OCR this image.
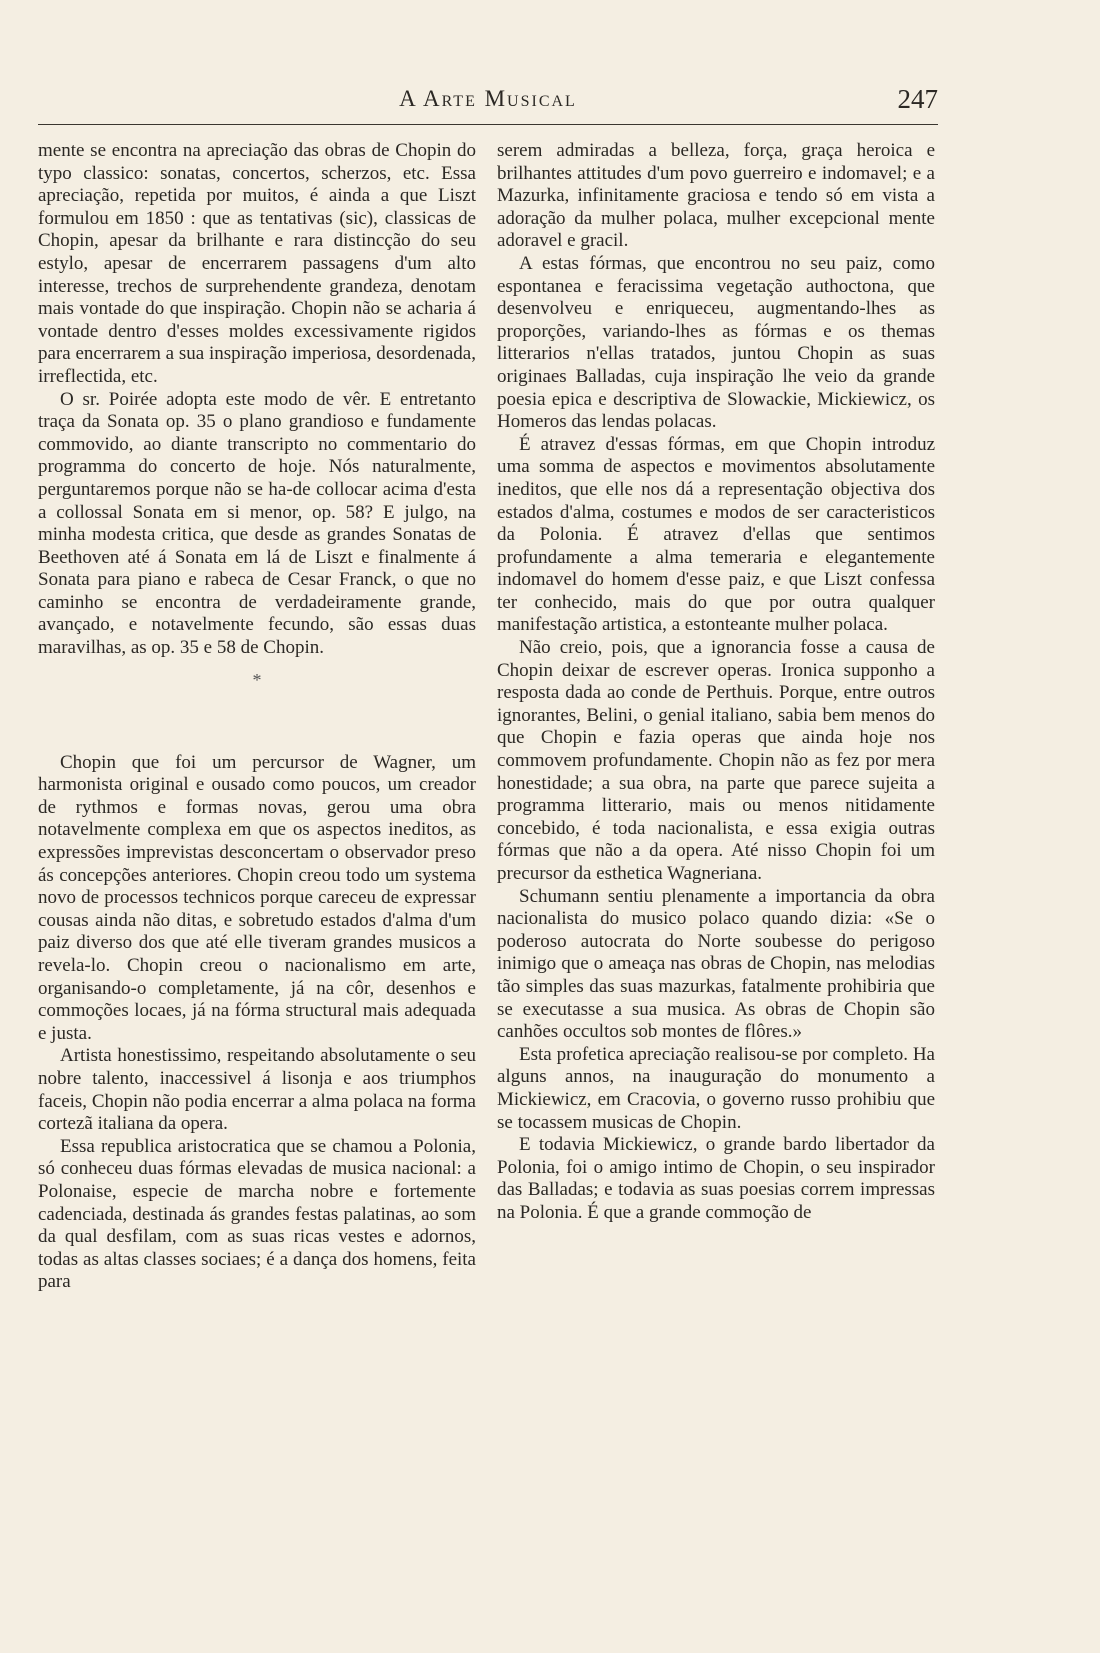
A Arte Musical	247

mente se encontra na apreciação das obras de Chopin do typo classico: sonatas, concertos, scherzos, etc. Essa apreciação, repetida por muitos, é ainda a que Liszt formulou em 1850 : que as tentativas (sic), classicas de Chopin, apesar da brilhante e rara distincção do seu estylo, apesar de encerrarem passagens d'um alto interesse, trechos de surprehendente grandeza, denotam mais vontade do que inspiração. Chopin não se acharia á vontade dentro d'esses moldes excessivamente rigidos para encerrarem a sua inspiração imperiosa, desordenada, irreflectida, etc.

O sr. Poirée adopta este modo de vêr. E entretanto traça da Sonata op. 35 o plano grandioso e fundamente commovido, ao diante transcripto no commentario do programma do concerto de hoje. Nós naturalmente, perguntaremos porque não se ha-de collocar acima d'esta a collossal Sonata em si menor, op. 58? E julgo, na minha modesta critica, que desde as grandes Sonatas de Beethoven até á Sonata em lá de Liszt e finalmente á Sonata para piano e rabeca de Cesar Franck, o que no caminho se encontra de verdadeiramente grande, avançado, e notavelmente fecundo, são essas duas maravilhas, as op. 35 e 58 de Chopin.

*

Chopin que foi um percursor de Wagner, um harmonista original e ousado como poucos, um creador de rythmos e formas novas, gerou uma obra notavelmente complexa em que os aspectos ineditos, as expressões imprevistas desconcertam o observador preso ás concepções anteriores. Chopin creou todo um systema novo de processos technicos porque careceu de expressar cousas ainda não ditas, e sobretudo estados d'alma d'um paiz diverso dos que até elle tiveram grandes musicos a revela-lo. Chopin creou o nacionalismo em arte, organisando-o completamente, já na côr, desenhos e commoções locaes, já na fórma structural mais adequada e justa.

Artista honestissimo, respeitando absolutamente o seu nobre talento, inaccessivel á lisonja e aos triumphos faceis, Chopin não podia encerrar a alma polaca na forma cortezã italiana da opera.

Essa republica aristocratica que se chamou a Polonia, só conheceu duas fórmas elevadas de musica nacional: a Polonaise, especie de marcha nobre e fortemente cadenciada, destinada ás grandes festas palatinas, ao som da qual desfilam, com as suas ricas vestes e adornos, todas as altas classes sociaes; é a dança dos homens, feita para

serem admiradas a belleza, força, graça heroica e brilhantes attitudes d'um povo guerreiro e indomavel; e a Mazurka, infinitamente graciosa e tendo só em vista a adoração da mulher polaca, mulher excepcional mente adoravel e gracil.

A estas fórmas, que encontrou no seu paiz, como espontanea e feracissima vegetação authoctona, que desenvolveu e enriqueceu, augmentando-lhes as proporções, variando-lhes as fórmas e os themas litterarios n'ellas tratados, juntou Chopin as suas originaes Balladas, cuja inspiração lhe veio da grande poesia epica e descriptiva de Slowackie, Mickiewicz, os Homeros das lendas polacas.

É atravez d'essas fórmas, em que Chopin introduz uma somma de aspectos e movimentos absolutamente ineditos, que elle nos dá a representação objectiva dos estados d'alma, costumes e modos de ser caracteristicos da Polonia. É atravez d'ellas que sentimos profundamente a alma temeraria e elegantemente indomavel do homem d'esse paiz, e que Liszt confessa ter conhecido, mais do que por outra qualquer manifestação artistica, a estonteante mulher polaca.

Não creio, pois, que a ignorancia fosse a causa de Chopin deixar de escrever operas. Ironica supponho a resposta dada ao conde de Perthuis. Porque, entre outros ignorantes, Belini, o genial italiano, sabia bem menos do que Chopin e fazia operas que ainda hoje nos commovem profundamente. Chopin não as fez por mera honestidade; a sua obra, na parte que parece sujeita a programma litterario, mais ou menos nitidamente concebido, é toda nacionalista, e essa exigia outras fórmas que não a da opera. Até nisso Chopin foi um precursor da esthetica Wagneriana.

Schumann sentiu plenamente a importancia da obra nacionalista do musico polaco quando dizia: «Se o poderoso autocrata do Norte soubesse do perigoso inimigo que o ameaça nas obras de Chopin, nas melodias tão simples das suas mazurkas, fatalmente prohibiria que se executasse a sua musica. As obras de Chopin são canhões occultos sob montes de flôres.»

Esta profetica apreciação realisou-se por completo. Ha alguns annos, na inauguração do monumento a Mickiewicz, em Cracovia, o governo russo prohibiu que se tocassem musicas de Chopin.

E todavia Mickiewicz, o grande bardo libertador da Polonia, foi o amigo intimo de Chopin, o seu inspirador das Balladas; e todavia as suas poesias correm impressas na Polonia. É que a grande commoção de
